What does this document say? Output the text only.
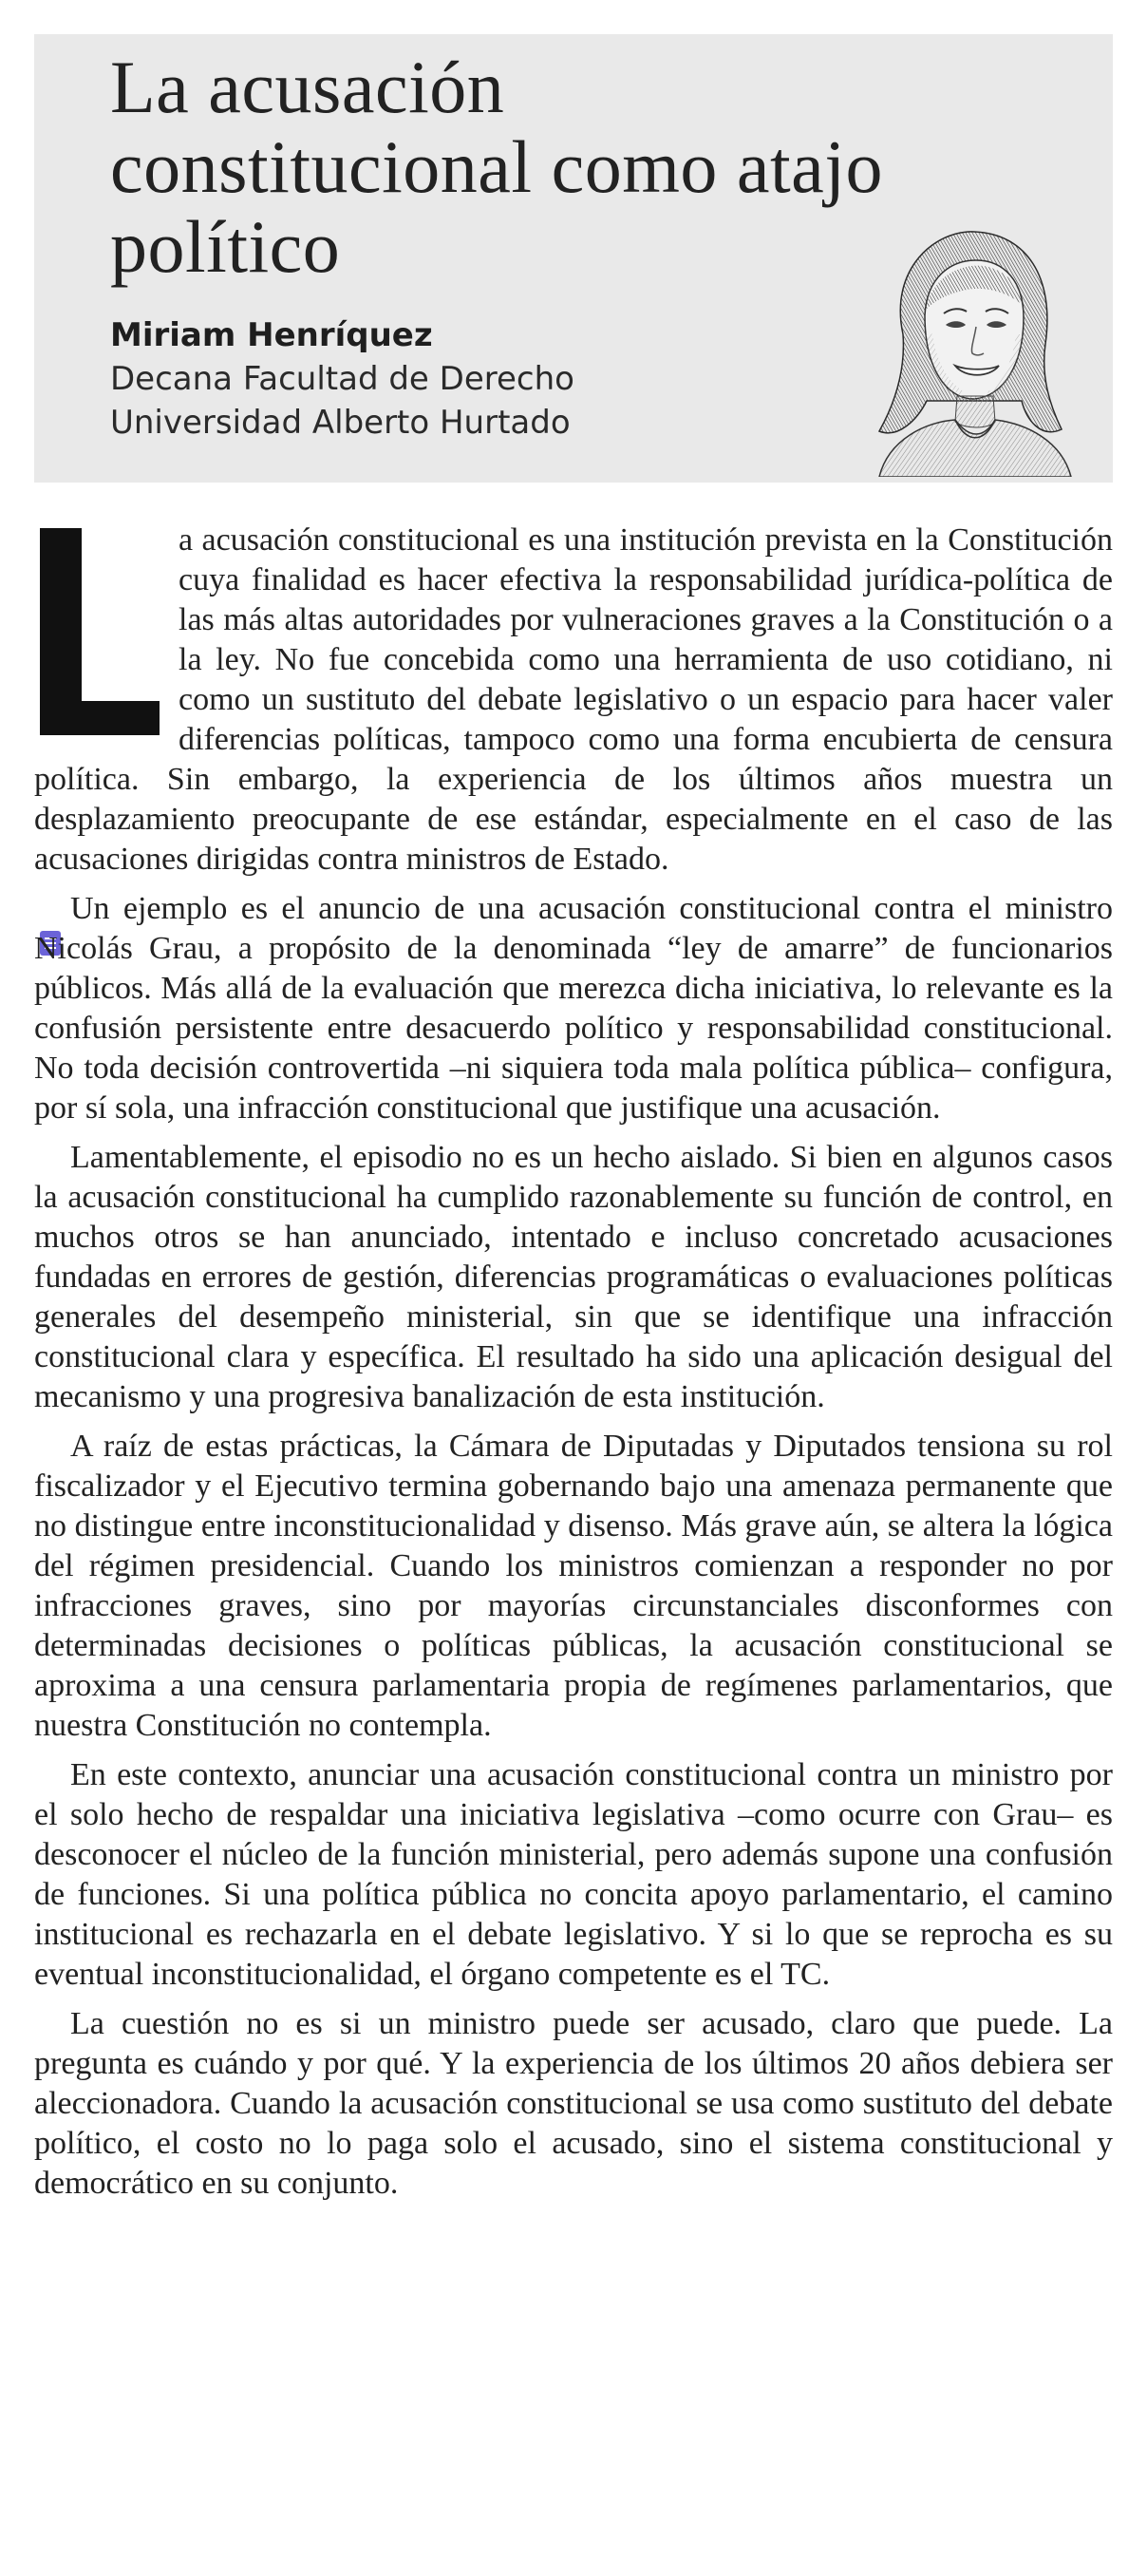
La acusación constitucional como atajo político
Miriam Henríquez
Decana Facultad de Derecho
Universidad Alberto Hurtado

a acusación constitucional es una institución prevista en la Constitución cuya finalidad es hacer efectiva la responsabilidad jurídica-política de las más altas autoridades por vulneraciones graves a la Constitución o a la ley. No fue concebida como una herramienta de uso cotidiano, ni como un sustituto del debate legislativo o un espacio para hacer valer diferencias políticas, tampoco como una forma encubierta de censura política. Sin embargo, la experiencia de los últimos años muestra un desplazamiento preocupante de ese estándar, especialmente en el caso de las acusaciones dirigidas contra ministros de Estado.

Un ejemplo es el anuncio de una acusación constitucional contra el ministro Nicolás Grau, a propósito de la denominada “ley de amarre” de funcionarios públicos. Más allá de la evaluación que merezca dicha iniciativa, lo relevante es la confusión persistente entre desacuerdo político y responsabilidad constitucional. No toda decisión controvertida –ni siquiera toda mala política pública– configura, por sí sola, una infracción constitucional que justifique una acusación.

Lamentablemente, el episodio no es un hecho aislado. Si bien en algunos casos la acusación constitucional ha cumplido razonablemente su función de control, en muchos otros se han anunciado, intentado e incluso concretado acusaciones fundadas en errores de gestión, diferencias programáticas o evaluaciones políticas generales del desempeño ministerial, sin que se identifique una infracción constitucional clara y específica. El resultado ha sido una aplicación desigual del mecanismo y una progresiva banalización de esta institución.

A raíz de estas prácticas, la Cámara de Diputadas y Diputados tensiona su rol fiscalizador y el Ejecutivo termina gobernando bajo una amenaza permanente que no distingue entre inconstitucionalidad y disenso. Más grave aún, se altera la lógica del régimen presidencial. Cuando los ministros comienzan a responder no por infracciones graves, sino por mayorías circunstanciales disconformes con determinadas decisiones o políticas públicas, la acusación constitucional se aproxima a una censura parlamentaria propia de regímenes parlamentarios, que nuestra Constitución no contempla.

En este contexto, anunciar una acusación constitucional contra un ministro por el solo hecho de respaldar una iniciativa legislativa –como ocurre con Grau– es desconocer el núcleo de la función ministerial, pero además supone una confusión de funciones. Si una política pública no concita apoyo parlamentario, el camino institucional es rechazarla en el debate legislativo. Y si lo que se reprocha es su eventual inconstitucionalidad, el órgano competente es el TC.

La cuestión no es si un ministro puede ser acusado, claro que puede. La pregunta es cuándo y por qué. Y la experiencia de los últimos 20 años debiera ser aleccionadora. Cuando la acusación constitucional se usa como sustituto del debate político, el costo no lo paga solo el acusado, sino el sistema constitucional y democrático en su conjunto.
